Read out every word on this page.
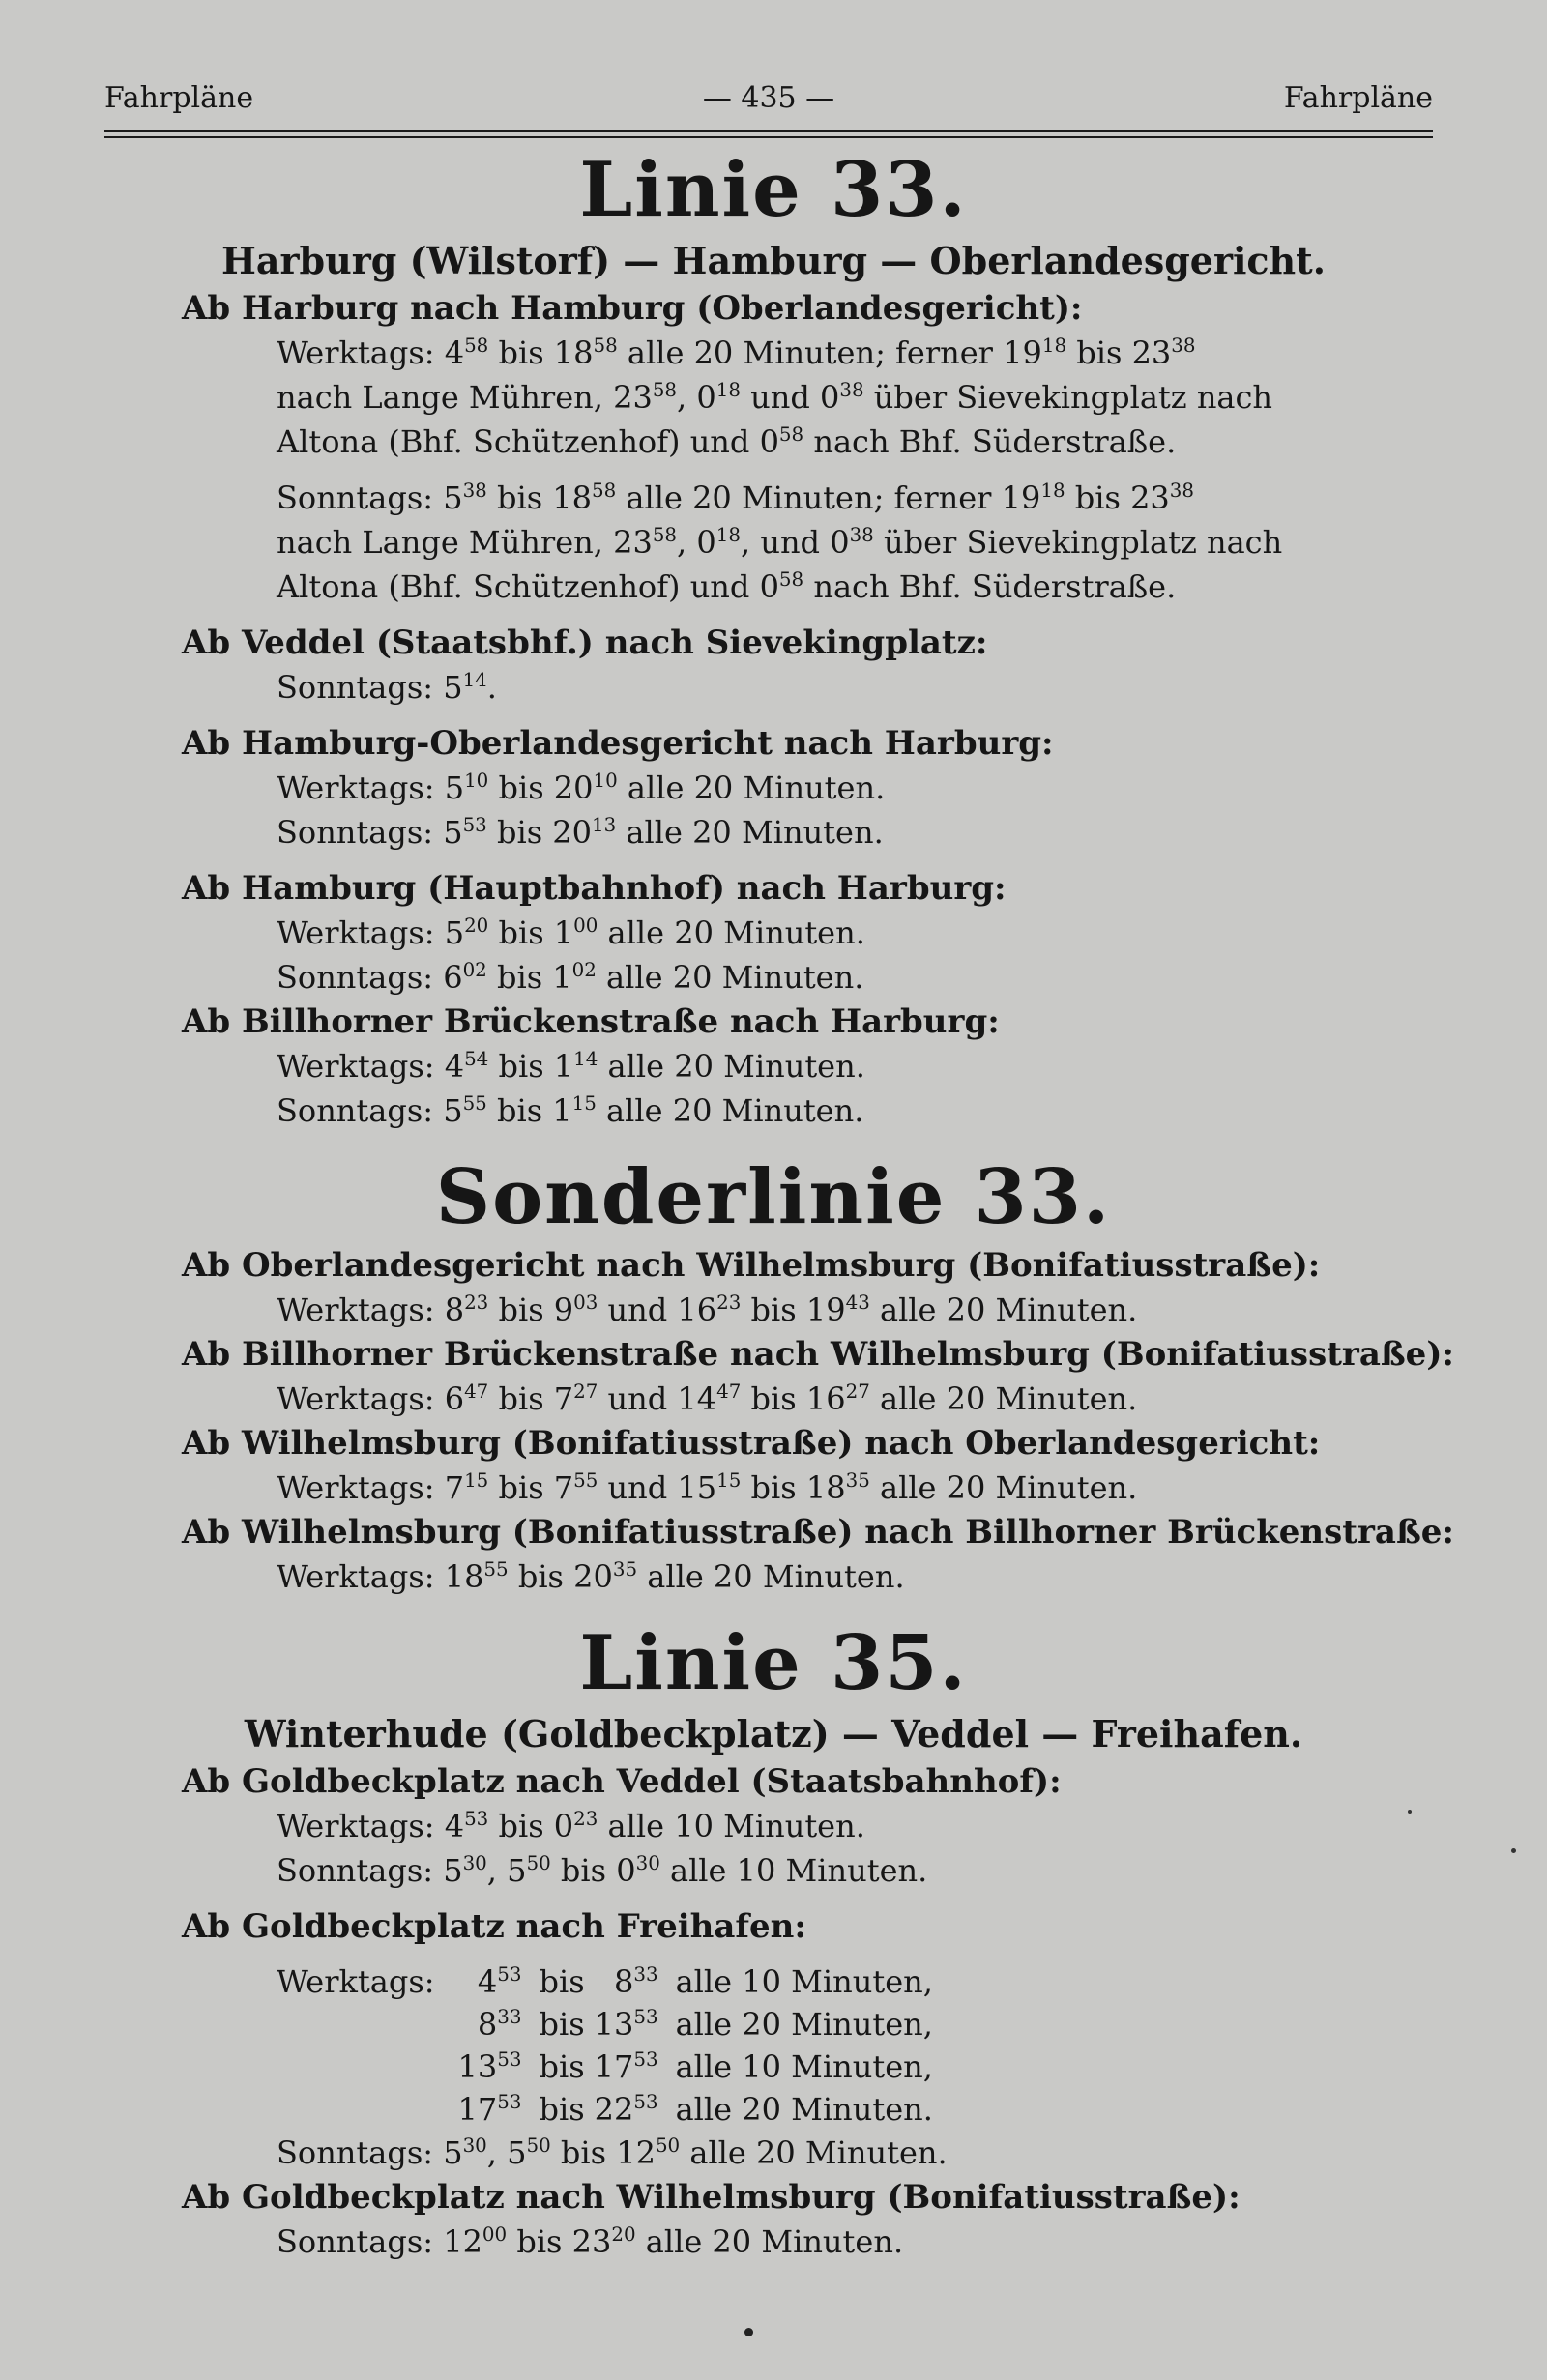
Fahrpläne	— 435 —	Fahrpläne
Linie 33.
Harburg (Wilstorf) — Hamburg — Oberlandesgericht.
Ab Harburg nach Hamburg (Oberlandesgericht):
Werktags: $4^{58}$ bis $18^{58}$ alle 20 Minuten; ferner $19^{18}$ bis $23^{38}$
nach Lange Mühren, $23^{58}$, $0^{18}$ und $0^{38}$ über Sievekingplatz nach
Altona (Bhf. Schützenhof) und $0^{58}$ nach Bhf. Süderstraße.
Sonntags: $5^{38}$ bis $18^{58}$ alle 20 Minuten; ferner $19^{18}$ bis $23^{38}$
nach Lange Mühren, $23^{58}$, $0^{18}$, und $0^{38}$ über Sievekingplatz nach
Altona (Bhf. Schützenhof) und $0^{58}$ nach Bhf. Süderstraße.
Ab Veddel (Staatsbhf.) nach Sievekingplatz:
Sonntags: $5^{14}$.
Ab Hamburg-Oberlandesgericht nach Harburg:
Werktags: $5^{10}$ bis $20^{10}$ alle 20 Minuten.
Sonntags: $5^{53}$ bis $20^{13}$ alle 20 Minuten.
Ab Hamburg (Hauptbahnhof) nach Harburg:
Werktags: $5^{20}$ bis $1^{00}$ alle 20 Minuten.
Sonntags: $6^{02}$ bis $1^{02}$ alle 20 Minuten.
Ab Billhorner Brückenstraße nach Harburg:
Werktags: $4^{54}$ bis $1^{14}$ alle 20 Minuten.
Sonntags: $5^{55}$ bis $1^{15}$ alle 20 Minuten.
Sonderlinie 33.
Ab Oberlandesgericht nach Wilhelmsburg (Bonifatiusstraße):
Werktags: $8^{23}$ bis $9^{03}$ und $16^{23}$ bis $19^{43}$ alle 20 Minuten.
Ab Billhorner Brückenstraße nach Wilhelmsburg (Bonifatiusstraße):
Werktags: $6^{47}$ bis $7^{27}$ und $14^{47}$ bis $16^{27}$ alle 20 Minuten.
Ab Wilhelmsburg (Bonifatiusstraße) nach Oberlandesgericht:
Werktags: $7^{15}$ bis $7^{55}$ und $15^{15}$ bis $18^{35}$ alle 20 Minuten.
Ab Wilhelmsburg (Bonifatiusstraße) nach Billhorner Brückenstraße:
Werktags: $18^{55}$ bis $20^{35}$ alle 20 Minuten.
Linie 35.
Winterhude (Goldbeckplatz) — Veddel — Freihafen.
Ab Goldbeckplatz nach Veddel (Staatsbahnhof):
Werktags: $4^{53}$ bis $0^{23}$ alle 10 Minuten.
Sonntags: $5^{30}$, $5^{50}$ bis $0^{30}$ alle 10 Minuten.
Ab Goldbeckplatz nach Freihafen:
Werktags:	$4^{53}$	bis	$8^{33}$	alle 10 Minuten,
	$8^{33}$	bis	$13^{53}$	alle 20 Minuten,
	$13^{53}$	bis	$17^{53}$	alle 10 Minuten,
	$17^{53}$	bis	$22^{53}$	alle 20 Minuten.
Sonntags: $5^{30}$, $5^{50}$ bis $12^{50}$ alle 20 Minuten.
Ab Goldbeckplatz nach Wilhelmsburg (Bonifatiusstraße):
Sonntags: $12^{00}$ bis $23^{20}$ alle 20 Minuten.
